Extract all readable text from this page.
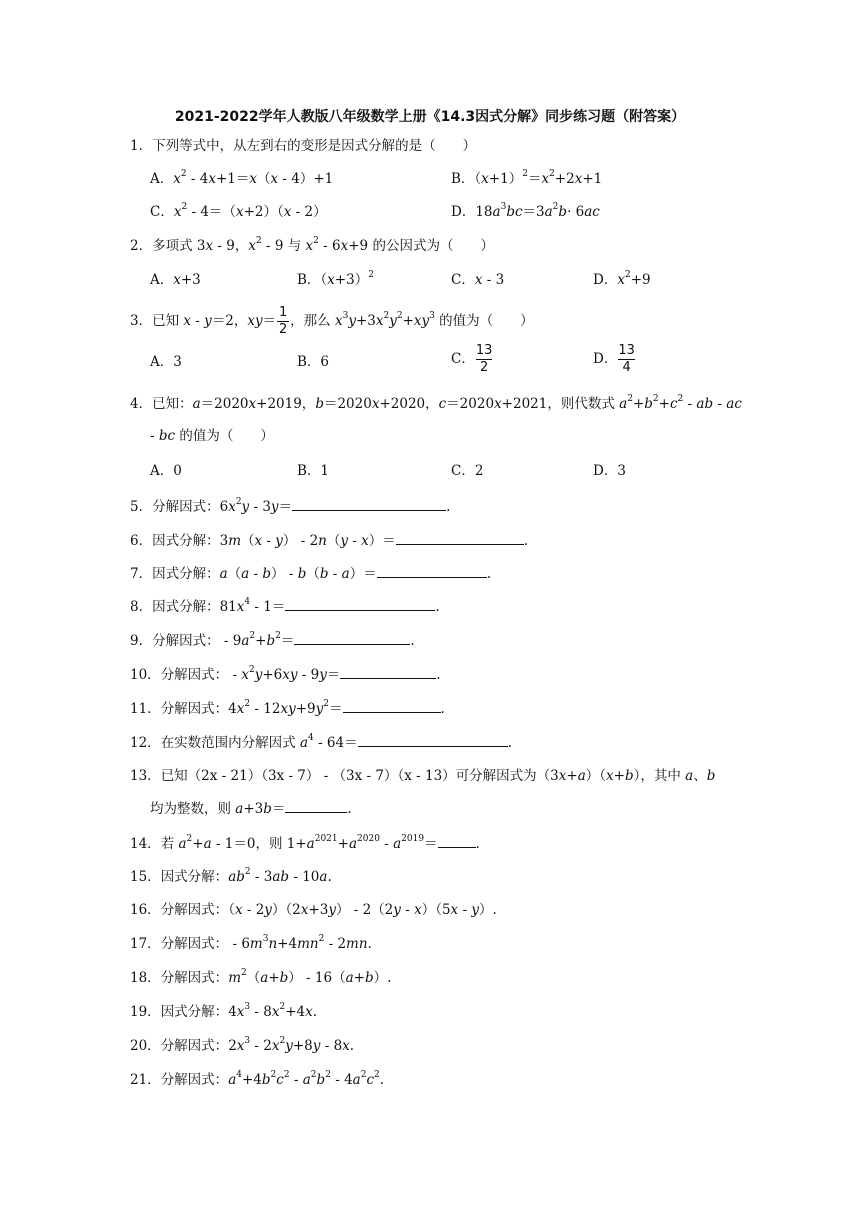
2021-2022学年人教版八年级数学上册《14.3因式分解》同步练习题（附答案）
1．下列等式中，从左到右的变形是因式分解的是（　　）
A．$x^2 - 4x+1=x(x - 4)+1$	B．$(x+1)^2=x^2+2x+1$
C．$x^2 - 4=(x+2)(x - 2)$	D．$18a^3bc=3a^2b\cdot 6ac$
2．多项式 3x - 9，$x^2 - 9$ 与 $x^2 - 6x+9$ 的公因式为（　　）
A．x+3	B．$(x+3)^2$	C．x - 3	D．$x^2+9$
3．已知 x - y＝2，$xy= \frac{1}{2}$ ，那么 $x^3y+3x^2y^2+xy^3$ 的值为（　　）
A．3	B．6	C． $\frac{13}{2}$	D． $\frac{13}{4}$
4．已知：a＝2020x+2019，b＝2020x+2020，c＝2020x+2021，则代数式 $a^2+b^2+c^2$ - ab - ac
- bc 的值为（　　）
A．0	B．1	C．2	D．3
5．分解因式：$6x^2y - 3y=$	.
6．因式分解：3m（x - y） - 2n（y - x）＝	.
7．因式分解：a（a - b） - b（b - a）＝	.
8．因式分解：$81x^4 - 1=$	.
9．分解因式： - $9a^2+b^2=$	.
10．分解因式： - $x^2y+6xy - 9y=$	.
11．分解因式：$4x^2 - 12xy+9y^2=$	.
12．在实数范围内分解因式 $a^4 - 64=$	.
13．已知（2x - 21）（3x - 7） - （3x - 7）（x - 13）可分解因式为（3x+a）（x+b），其中 a、b
均为整数，则 a+3b＝	.
14．若 $a^2+a - 1=0$，则 $1+a^{2021}+a^{2020} - a^{2019}=$	.
15．因式分解：$ab^2 - 3ab - 10a$.
16．分解因式：（x - 2y）（2x+3y） - 2（2y - x）（5x - y）.
17．分解因式： - $6m^3n+4mn^2 - 2mn$.
18．分解因式：$m^2(a+b) - 16(a+b)$.
19．因式分解：$4x^3 - 8x^2+4x$.
20．分解因式：$2x^3 - 2x^2y+8y - 8x$.
21．分解因式：$a^4+4b^2c^2 - a^2b^2 - 4a^2c^2$.
